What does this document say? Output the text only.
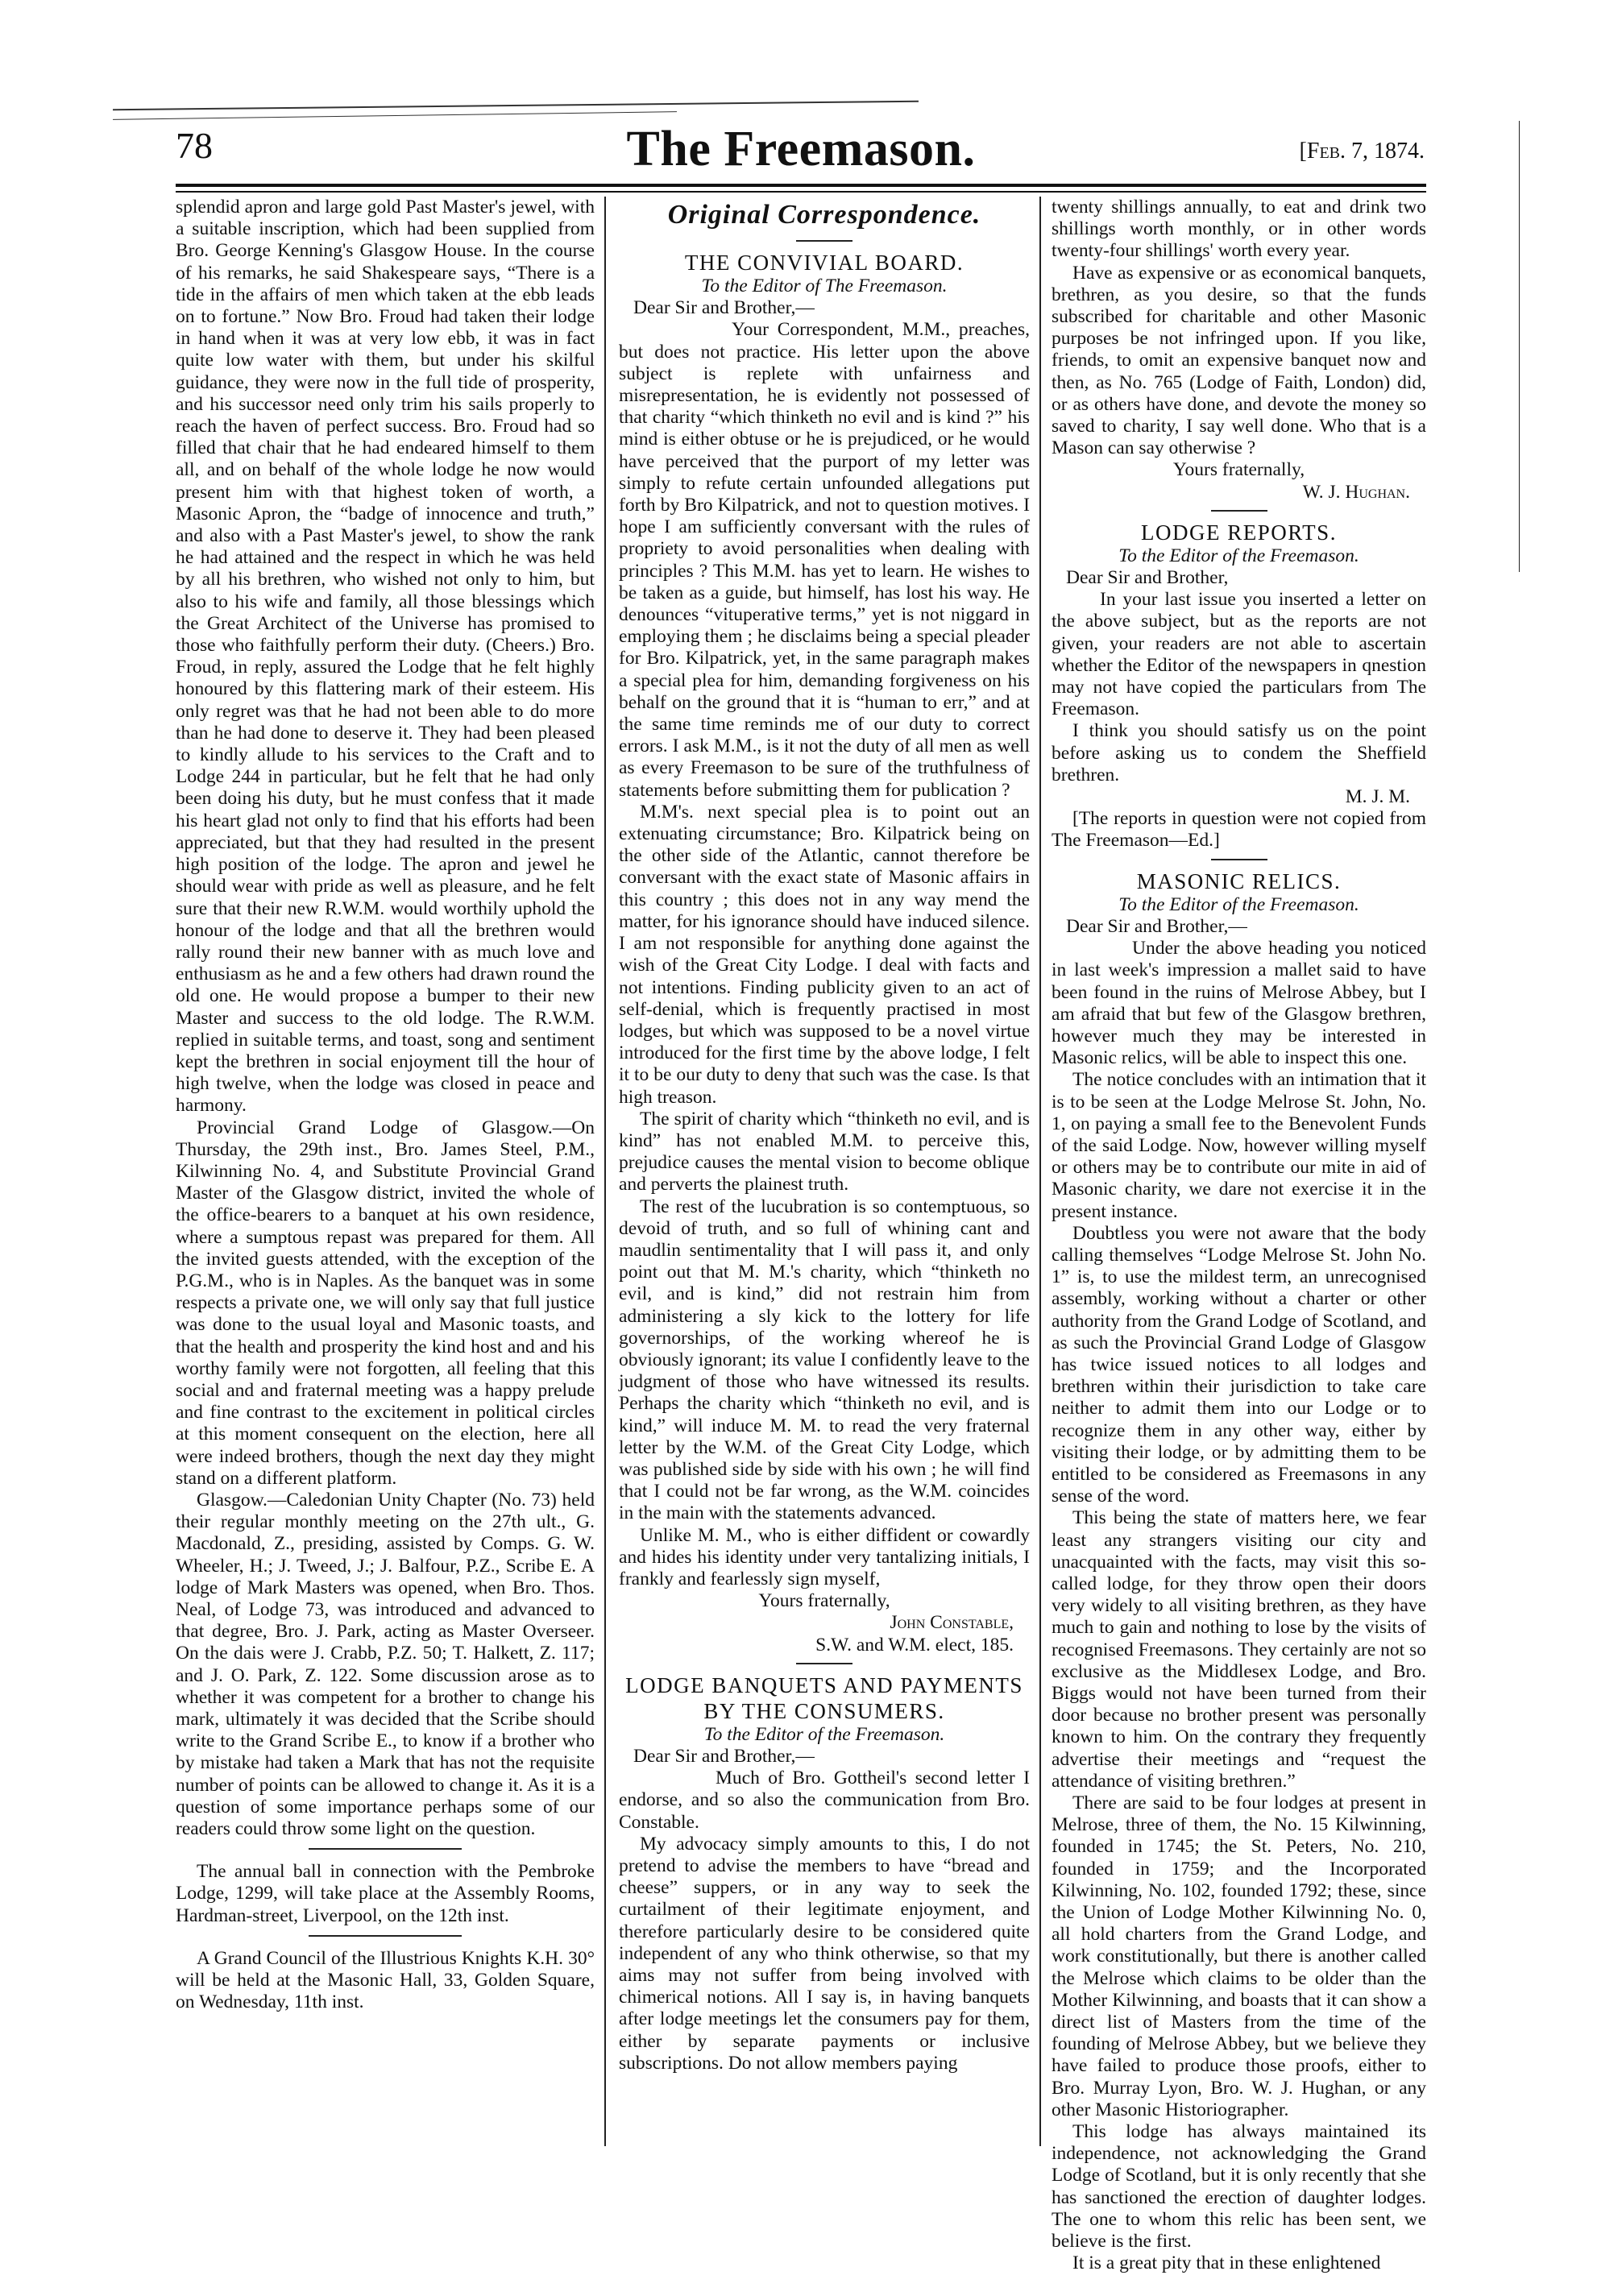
78	The Freemason.	[Feb. 7, 1874.

splendid apron and large gold Past Master's jewel, with a suitable inscription, which had been supplied from Bro. George Kenning's Glasgow House. In the course of his remarks, he said Shakespeare says, “There is a tide in the affairs of men which taken at the ebb leads on to fortune.” Now Bro. Froud had taken their lodge in hand when it was at very low ebb, it was in fact quite low water with them, but under his skilful guidance, they were now in the full tide of prosperity, and his successor need only trim his sails properly to reach the haven of perfect success. Bro. Froud had so filled that chair that he had endeared himself to them all, and on behalf of the whole lodge he now would present him with that highest token of worth, a Masonic Apron, the “badge of innocence and truth,” and also with a Past Master's jewel, to show the rank he had attained and the respect in which he was held by all his brethren, who wished not only to him, but also to his wife and family, all those blessings which the Great Architect of the Universe has promised to those who faithfully perform their duty. (Cheers.) Bro. Froud, in reply, assured the Lodge that he felt highly honoured by this flattering mark of their esteem. His only regret was that he had not been able to do more than he had done to deserve it. They had been pleased to kindly allude to his services to the Craft and to Lodge 244 in particular, but he felt that he had only been doing his duty, but he must confess that it made his heart glad not only to find that his efforts had been appreciated, but that they had resulted in the present high position of the lodge. The apron and jewel he should wear with pride as well as pleasure, and he felt sure that their new R.W.M. would worthily uphold the honour of the lodge and that all the brethren would rally round their new banner with as much love and enthusiasm as he and a few others had drawn round the old one. He would propose a bumper to their new Master and success to the old lodge. The R.W.M. replied in suitable terms, and toast, song and sentiment kept the brethren in social enjoyment till the hour of high twelve, when the lodge was closed in peace and harmony.

Provincial Grand Lodge of Glasgow.—On Thursday, the 29th inst., Bro. James Steel, P.M., Kilwinning No. 4, and Substitute Provincial Grand Master of the Glasgow district, invited the whole of the office-bearers to a banquet at his own residence, where a sumptous repast was prepared for them. All the invited guests attended, with the exception of the P.G.M., who is in Naples. As the banquet was in some respects a private one, we will only say that full justice was done to the usual loyal and Masonic toasts, and that the health and prosperity the kind host and and his worthy family were not forgotten, all feeling that this social and and fraternal meeting was a happy prelude and fine contrast to the excitement in political circles at this moment consequent on the election, here all were indeed brothers, though the next day they might stand on a different platform.

Glasgow.—Caledonian Unity Chapter (No. 73) held their regular monthly meeting on the 27th ult., G. Macdonald, Z., presiding, assisted by Comps. G. W. Wheeler, H.; J. Tweed, J.; J. Balfour, P.Z., Scribe E. A lodge of Mark Masters was opened, when Bro. Thos. Neal, of Lodge 73, was introduced and advanced to that degree, Bro. J. Park, acting as Master Overseer. On the dais were J. Crabb, P.Z. 50; T. Halkett, Z. 117; and J. O. Park, Z. 122. Some discussion arose as to whether it was competent for a brother to change his mark, ultimately it was decided that the Scribe should write to the Grand Scribe E., to know if a brother who by mistake had taken a Mark that has not the requisite number of points can be allowed to change it. As it is a question of some importance perhaps some of our readers could throw some light on the question.

The annual ball in connection with the Pembroke Lodge, 1299, will take place at the Assembly Rooms, Hardman-street, Liverpool, on the 12th inst.

A Grand Council of the Illustrious Knights K.H. 30° will be held at the Masonic Hall, 33, Golden Square, on Wednesday, 11th inst.

Original Correspondence.
THE CONVIVIAL BOARD.
To the Editor of The Freemason.
Dear Sir and Brother,—

Your Correspondent, M.M., preaches, but does not practice. His letter upon the above subject is replete with unfairness and misrepresentation, he is evidently not possessed of that charity “which thinketh no evil and is kind ?” his mind is either obtuse or he is prejudiced, or he would have perceived that the purport of my letter was simply to refute certain unfounded allegations put forth by Bro Kilpatrick, and not to question motives. I hope I am sufficiently conversant with the rules of propriety to avoid personalities when dealing with principles ? This M.M. has yet to learn. He wishes to be taken as a guide, but himself, has lost his way. He denounces “vituperative terms,” yet is not niggard in employing them ; he disclaims being a special pleader for Bro. Kilpatrick, yet, in the same paragraph makes a special plea for him, demanding forgiveness on his behalf on the ground that it is “human to err,” and at the same time reminds me of our duty to correct errors. I ask M.M., is it not the duty of all men as well as every Freemason to be sure of the truthfulness of statements before submitting them for publication ?

M.M's. next special plea is to point out an extenuating circumstance; Bro. Kilpatrick being on the other side of the Atlantic, cannot therefore be conversant with the exact state of Masonic affairs in this country ; this does not in any way mend the matter, for his ignorance should have induced silence. I am not responsible for anything done against the wish of the Great City Lodge. I deal with facts and not intentions. Finding publicity given to an act of self-denial, which is frequently practised in most lodges, but which was supposed to be a novel virtue introduced for the first time by the above lodge, I felt it to be our duty to deny that such was the case. Is that high treason.

The spirit of charity which “thinketh no evil, and is kind” has not enabled M.M. to perceive this, prejudice causes the mental vision to become oblique and perverts the plainest truth.

The rest of the lucubration is so contemptuous, so devoid of truth, and so full of whining cant and maudlin sentimentality that I will pass it, and only point out that M. M.'s charity, which “thinketh no evil, and is kind,” did not restrain him from administering a sly kick to the lottery for life governorships, of the working whereof he is obviously ignorant; its value I confidently leave to the judgment of those who have witnessed its results. Perhaps the charity which “thinketh no evil, and is kind,” will induce M. M. to read the very fraternal letter by the W.M. of the Great City Lodge, which was published side by side with his own ; he will find that I could not be far wrong, as the W.M. coincides in the main with the statements advanced.

Unlike M. M., who is either diffident or cowardly and hides his identity under very tantalizing initials, I frankly and fearlessly sign myself,

Yours fraternally,
John Constable,
S.W. and W.M. elect, 185.
LODGE BANQUETS AND PAYMENTS BY THE CONSUMERS.
To the Editor of the Freemason.
Dear Sir and Brother,—

Much of Bro. Gottheil's second letter I endorse, and so also the communication from Bro. Constable.

My advocacy simply amounts to this, I do not pretend to advise the members to have “bread and cheese” suppers, or in any way to seek the curtailment of their legitimate enjoyment, and therefore particularly desire to be considered quite independent of any who think otherwise, so that my aims may not suffer from being involved with chimerical notions. All I say is, in having banquets after lodge meetings let the consumers pay for them, either by separate payments or inclusive subscriptions. Do not allow members paying

twenty shillings annually, to eat and drink two shillings worth monthly, or in other words twenty-four shillings' worth every year.

Have as expensive or as economical banquets, brethren, as you desire, so that the funds subscribed for charitable and other Masonic purposes be not infringed upon. If you like, friends, to omit an expensive banquet now and then, as No. 765 (Lodge of Faith, London) did, or as others have done, and devote the money so saved to charity, I say well done. Who that is a Mason can say otherwise ?

Yours fraternally,
W. J. Hughan.
LODGE REPORTS.
To the Editor of the Freemason.
Dear Sir and Brother,

In your last issue you inserted a letter on the above subject, but as the reports are not given, your readers are not able to ascertain whether the Editor of the newspapers in qnestion may not have copied the particulars from The Freemason.

I think you should satisfy us on the point before asking us to condem the Sheffield brethren.

M. J. M.

[The reports in question were not copied from The Freemason—Ed.]

MASONIC RELICS.
To the Editor of the Freemason.
Dear Sir and Brother,—

Under the above heading you noticed in last week's impression a mallet said to have been found in the ruins of Melrose Abbey, but I am afraid that but few of the Glasgow brethren, however much they may be interested in Masonic relics, will be able to inspect this one.

The notice concludes with an intimation that it is to be seen at the Lodge Melrose St. John, No. 1, on paying a small fee to the Benevolent Funds of the said Lodge. Now, however willing myself or others may be to contribute our mite in aid of Masonic charity, we dare not exercise it in the present instance.

Doubtless you were not aware that the body calling themselves “Lodge Melrose St. John No. 1” is, to use the mildest term, an unrecognised assembly, working without a charter or other authority from the Grand Lodge of Scotland, and as such the Provincial Grand Lodge of Glasgow has twice issued notices to all lodges and brethren within their jurisdiction to take care neither to admit them into our Lodge or to recognize them in any other way, either by visiting their lodge, or by admitting them to be entitled to be considered as Freemasons in any sense of the word.

This being the state of matters here, we fear least any strangers visiting our city and unacquainted with the facts, may visit this so-called lodge, for they throw open their doors very widely to all visiting brethren, as they have much to gain and nothing to lose by the visits of recognised Freemasons. They certainly are not so exclusive as the Middlesex Lodge, and Bro. Biggs would not have been turned from their door because no brother present was personally known to him. On the contrary they frequently advertise their meetings and “request the attendance of visiting brethren.”

There are said to be four lodges at present in Melrose, three of them, the No. 15 Kilwinning, founded in 1745; the St. Peters, No. 210, founded in 1759; and the Incorporated Kilwinning, No. 102, founded 1792; these, since the Union of Lodge Mother Kilwinning No. 0, all hold charters from the Grand Lodge, and work constitutionally, but there is another called the Melrose which claims to be older than the Mother Kilwinning, and boasts that it can show a direct list of Masters from the time of the founding of Melrose Abbey, but we believe they have failed to produce those proofs, either to Bro. Murray Lyon, Bro. W. J. Hughan, or any other Masonic Historiographer.

This lodge has always maintained its independence, not acknowledging the Grand Lodge of Scotland, but it is only recently that she has sanctioned the erection of daughter lodges. The one to whom this relic has been sent, we believe is the first.

It is a great pity that in these enlightened
